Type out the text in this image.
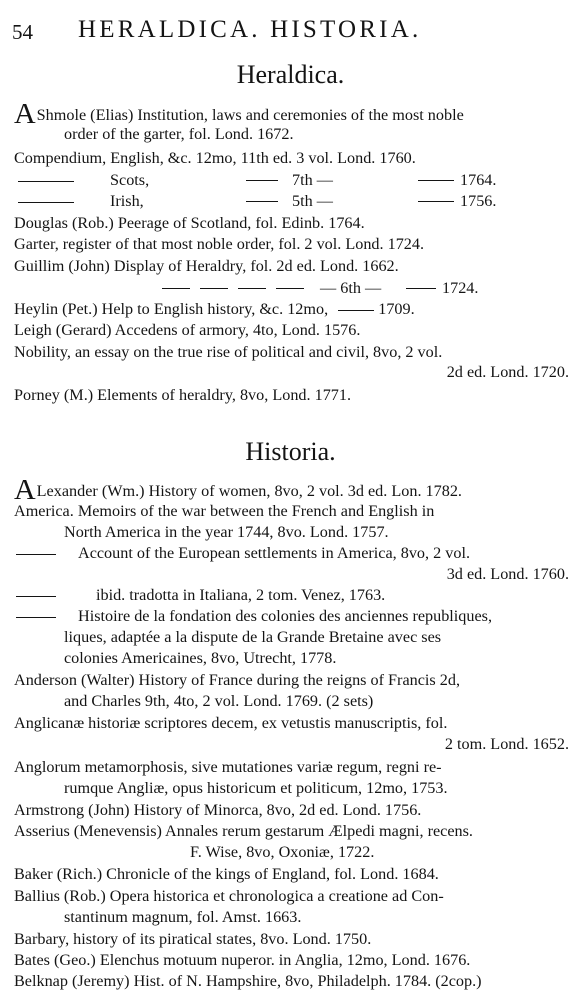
54 HERALDICA. HISTORIA.
Heraldica.
AShmole (Elias) Institution, laws and ceremonies of the most noble
order of the garter, fol. Lond. 1672.
Compendium, English, &c. 12mo, 11th ed. 3 vol. Lond. 1760.
Scots,	7th —	1764.
Irish,	5th —	1756.
Douglas (Rob.) Peerage of Scotland, fol. Edinb. 1764.
Garter, register of that most noble order, fol. 2 vol. Lond. 1724.
Guillim (John) Display of Heraldry, fol. 2d ed. Lond. 1662.
— 6th —	1724.
Heylin (Pet.) Help to English history, &c. 12mo,	1709.
Leigh (Gerard) Accedens of armory, 4to, Lond. 1576.
Nobility, an essay on the true rise of political and civil, 8vo, 2 vol.
2d ed. Lond. 1720.
Porney (M.) Elements of heraldry, 8vo, Lond. 1771.
Historia.
ALexander (Wm.) History of women, 8vo, 2 vol. 3d ed. Lon. 1782.
America. Memoirs of the war between the French and English in
North America in the year 1744, 8vo. Lond. 1757.
Account of the European settlements in America, 8vo, 2 vol.
3d ed. Lond. 1760.
ibid. tradotta in Italiana, 2 tom. Venez, 1763.
Histoire de la fondation des colonies des anciennes republiques,
liques, adaptée a la dispute de la Grande Bretaine avec ses
colonies Americaines, 8vo, Utrecht, 1778.
Anderson (Walter) History of France during the reigns of Francis 2d,
and Charles 9th, 4to, 2 vol. Lond. 1769. (2 sets)
Anglicanæ historiæ scriptores decem, ex vetustis manuscriptis, fol.
2 tom. Lond. 1652.
Anglorum metamorphosis, sive mutationes variæ regum, regni re-
rumque Angliæ, opus historicum et politicum, 12mo, 1753.
Armstrong (John) History of Minorca, 8vo, 2d ed. Lond. 1756.
Asserius (Menevensis) Annales rerum gestarum Ælpedi magni, recens.
F. Wise, 8vo, Oxoniæ, 1722.
Baker (Rich.) Chronicle of the kings of England, fol. Lond. 1684.
Ballius (Rob.) Opera historica et chronologica a creatione ad Con-
stantinum magnum, fol. Amst. 1663.
Barbary, history of its piratical states, 8vo. Lond. 1750.
Bates (Geo.) Elenchus motuum nuperor. in Anglia, 12mo, Lond. 1676.
Belknap (Jeremy) Hist. of N. Hampshire, 8vo, Philadelph. 1784. (2cop.)
